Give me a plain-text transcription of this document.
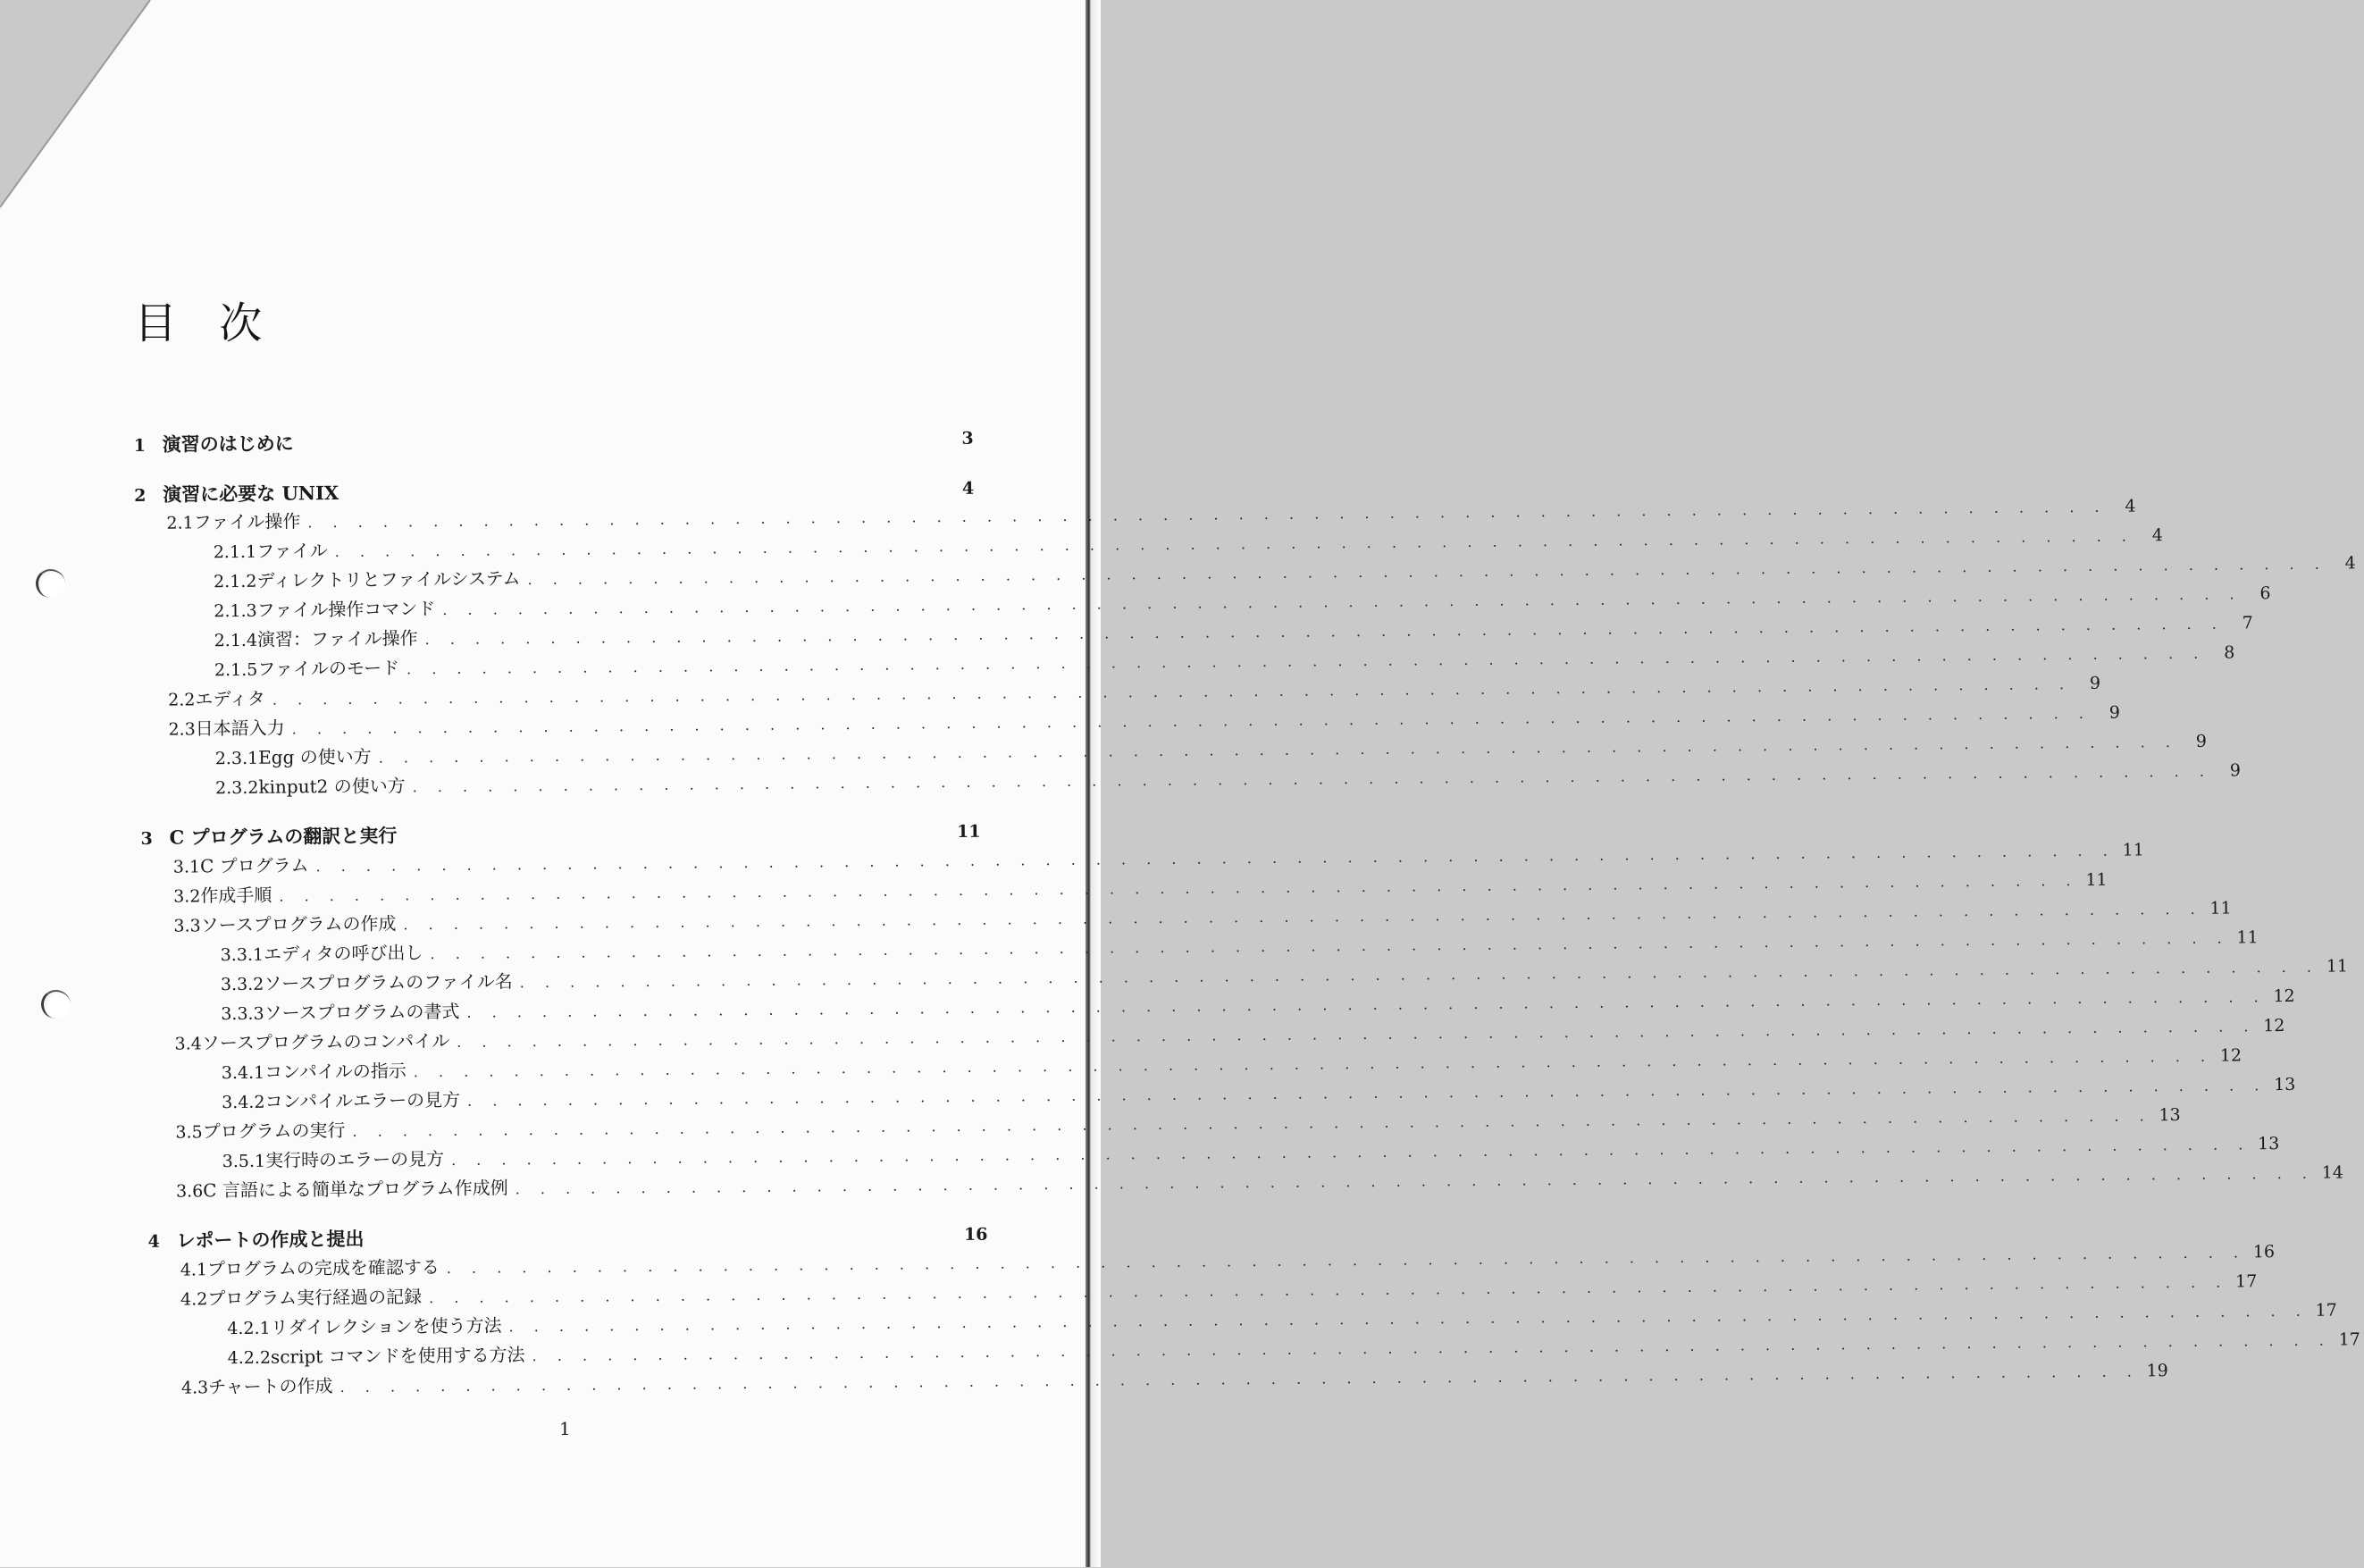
目 次
1 演習のはじめに	3
2 演習に必要な UNIX	4
2.1 ファイル操作 . . . . . . . . . . . . . . . . . . . . . . . . . . . . . . . . . . . . . . . . . . . . . . . . . . . . . . . . . . . . . . . . . . . . . . . .	4
2.1.1 ファイル . . . . . . . . . . . . . . . . . . . . . . . . . . . . . . . . . . . . . . . . . . . . . . . . . . . . . . . . . . . . . . . . . . . . . . . .	4
2.1.2 ディレクトリとファイルシステム . . . . . . . . . . . . . . . . . . . . . . . . . . . . . . . . . . . . . . . . . . . . . . . . . . . . . . . . . . . . . . . . . . . . . . . .	4
2.1.3 ファイル操作コマンド . . . . . . . . . . . . . . . . . . . . . . . . . . . . . . . . . . . . . . . . . . . . . . . . . . . . . . . . . . . . . . . . . . . . . . . .	6
2.1.4 演習：ファイル操作 . . . . . . . . . . . . . . . . . . . . . . . . . . . . . . . . . . . . . . . . . . . . . . . . . . . . . . . . . . . . . . . . . . . . . . . .	7
2.1.5 ファイルのモード . . . . . . . . . . . . . . . . . . . . . . . . . . . . . . . . . . . . . . . . . . . . . . . . . . . . . . . . . . . . . . . . . . . . . . . .	8
2.2 エディタ . . . . . . . . . . . . . . . . . . . . . . . . . . . . . . . . . . . . . . . . . . . . . . . . . . . . . . . . . . . . . . . . . . . . . . . .	9
2.3 日本語入力 . . . . . . . . . . . . . . . . . . . . . . . . . . . . . . . . . . . . . . . . . . . . . . . . . . . . . . . . . . . . . . . . . . . . . . . .	9
2.3.1 Egg の使い方 . . . . . . . . . . . . . . . . . . . . . . . . . . . . . . . . . . . . . . . . . . . . . . . . . . . . . . . . . . . . . . . . . . . . . . . .	9
2.3.2 kinput2 の使い方 . . . . . . . . . . . . . . . . . . . . . . . . . . . . . . . . . . . . . . . . . . . . . . . . . . . . . . . . . . . . . . . . . . . . . . . .	9
3 C プログラムの翻訳と実行	11
3.1 C プログラム . . . . . . . . . . . . . . . . . . . . . . . . . . . . . . . . . . . . . . . . . . . . . . . . . . . . . . . . . . . . . . . . . . . . . . . . 11
3.2 作成手順 . . . . . . . . . . . . . . . . . . . . . . . . . . . . . . . . . . . . . . . . . . . . . . . . . . . . . . . . . . . . . . . . . . . . . . . . 11
3.3 ソースプログラムの作成 . . . . . . . . . . . . . . . . . . . . . . . . . . . . . . . . . . . . . . . . . . . . . . . . . . . . . . . . . . . . . . . . . . . . . . . . 11
3.3.1 エディタの呼び出し . . . . . . . . . . . . . . . . . . . . . . . . . . . . . . . . . . . . . . . . . . . . . . . . . . . . . . . . . . . . . . . . . . . . . . . . 11
3.3.2 ソースプログラムのファイル名 . . . . . . . . . . . . . . . . . . . . . . . . . . . . . . . . . . . . . . . . . . . . . . . . . . . . . . . . . . . . . . . . . . . . . . . . 11
3.3.3 ソースプログラムの書式 . . . . . . . . . . . . . . . . . . . . . . . . . . . . . . . . . . . . . . . . . . . . . . . . . . . . . . . . . . . . . . . . . . . . . . . . 12
3.4 ソースプログラムのコンパイル . . . . . . . . . . . . . . . . . . . . . . . . . . . . . . . . . . . . . . . . . . . . . . . . . . . . . . . . . . . . . . . . . . . . . . . . 12
3.4.1 コンパイルの指示 . . . . . . . . . . . . . . . . . . . . . . . . . . . . . . . . . . . . . . . . . . . . . . . . . . . . . . . . . . . . . . . . . . . . . . . . 12
3.4.2 コンパイルエラーの見方 . . . . . . . . . . . . . . . . . . . . . . . . . . . . . . . . . . . . . . . . . . . . . . . . . . . . . . . . . . . . . . . . . . . . . . . . 13
3.5 プログラムの実行 . . . . . . . . . . . . . . . . . . . . . . . . . . . . . . . . . . . . . . . . . . . . . . . . . . . . . . . . . . . . . . . . . . . . . . . . 13
3.5.1 実行時のエラーの見方 . . . . . . . . . . . . . . . . . . . . . . . . . . . . . . . . . . . . . . . . . . . . . . . . . . . . . . . . . . . . . . . . . . . . . . . . 13
3.6 C 言語による簡単なプログラム作成例 . . . . . . . . . . . . . . . . . . . . . . . . . . . . . . . . . . . . . . . . . . . . . . . . . . . . . . . . . . . . . . . . . . . . . . . . 14
4 レポートの作成と提出	16
4.1 プログラムの完成を確認する . . . . . . . . . . . . . . . . . . . . . . . . . . . . . . . . . . . . . . . . . . . . . . . . . . . . . . . . . . . . . . . . . . . . . . . . 16
4.2 プログラム実行経過の記録 . . . . . . . . . . . . . . . . . . . . . . . . . . . . . . . . . . . . . . . . . . . . . . . . . . . . . . . . . . . . . . . . . . . . . . . . 17
4.2.1 リダイレクションを使う方法 . . . . . . . . . . . . . . . . . . . . . . . . . . . . . . . . . . . . . . . . . . . . . . . . . . . . . . . . . . . . . . . . . . . . . . . . 17
4.2.2 script コマンドを使用する方法 . . . . . . . . . . . . . . . . . . . . . . . . . . . . . . . . . . . . . . . . . . . . . . . . . . . . . . . . . . . . . . . . . . . . . . . . 17
4.3 チャートの作成 . . . . . . . . . . . . . . . . . . . . . . . . . . . . . . . . . . . . . . . . . . . . . . . . . . . . . . . . . . . . . . . . . . . . . . . . 19
1
